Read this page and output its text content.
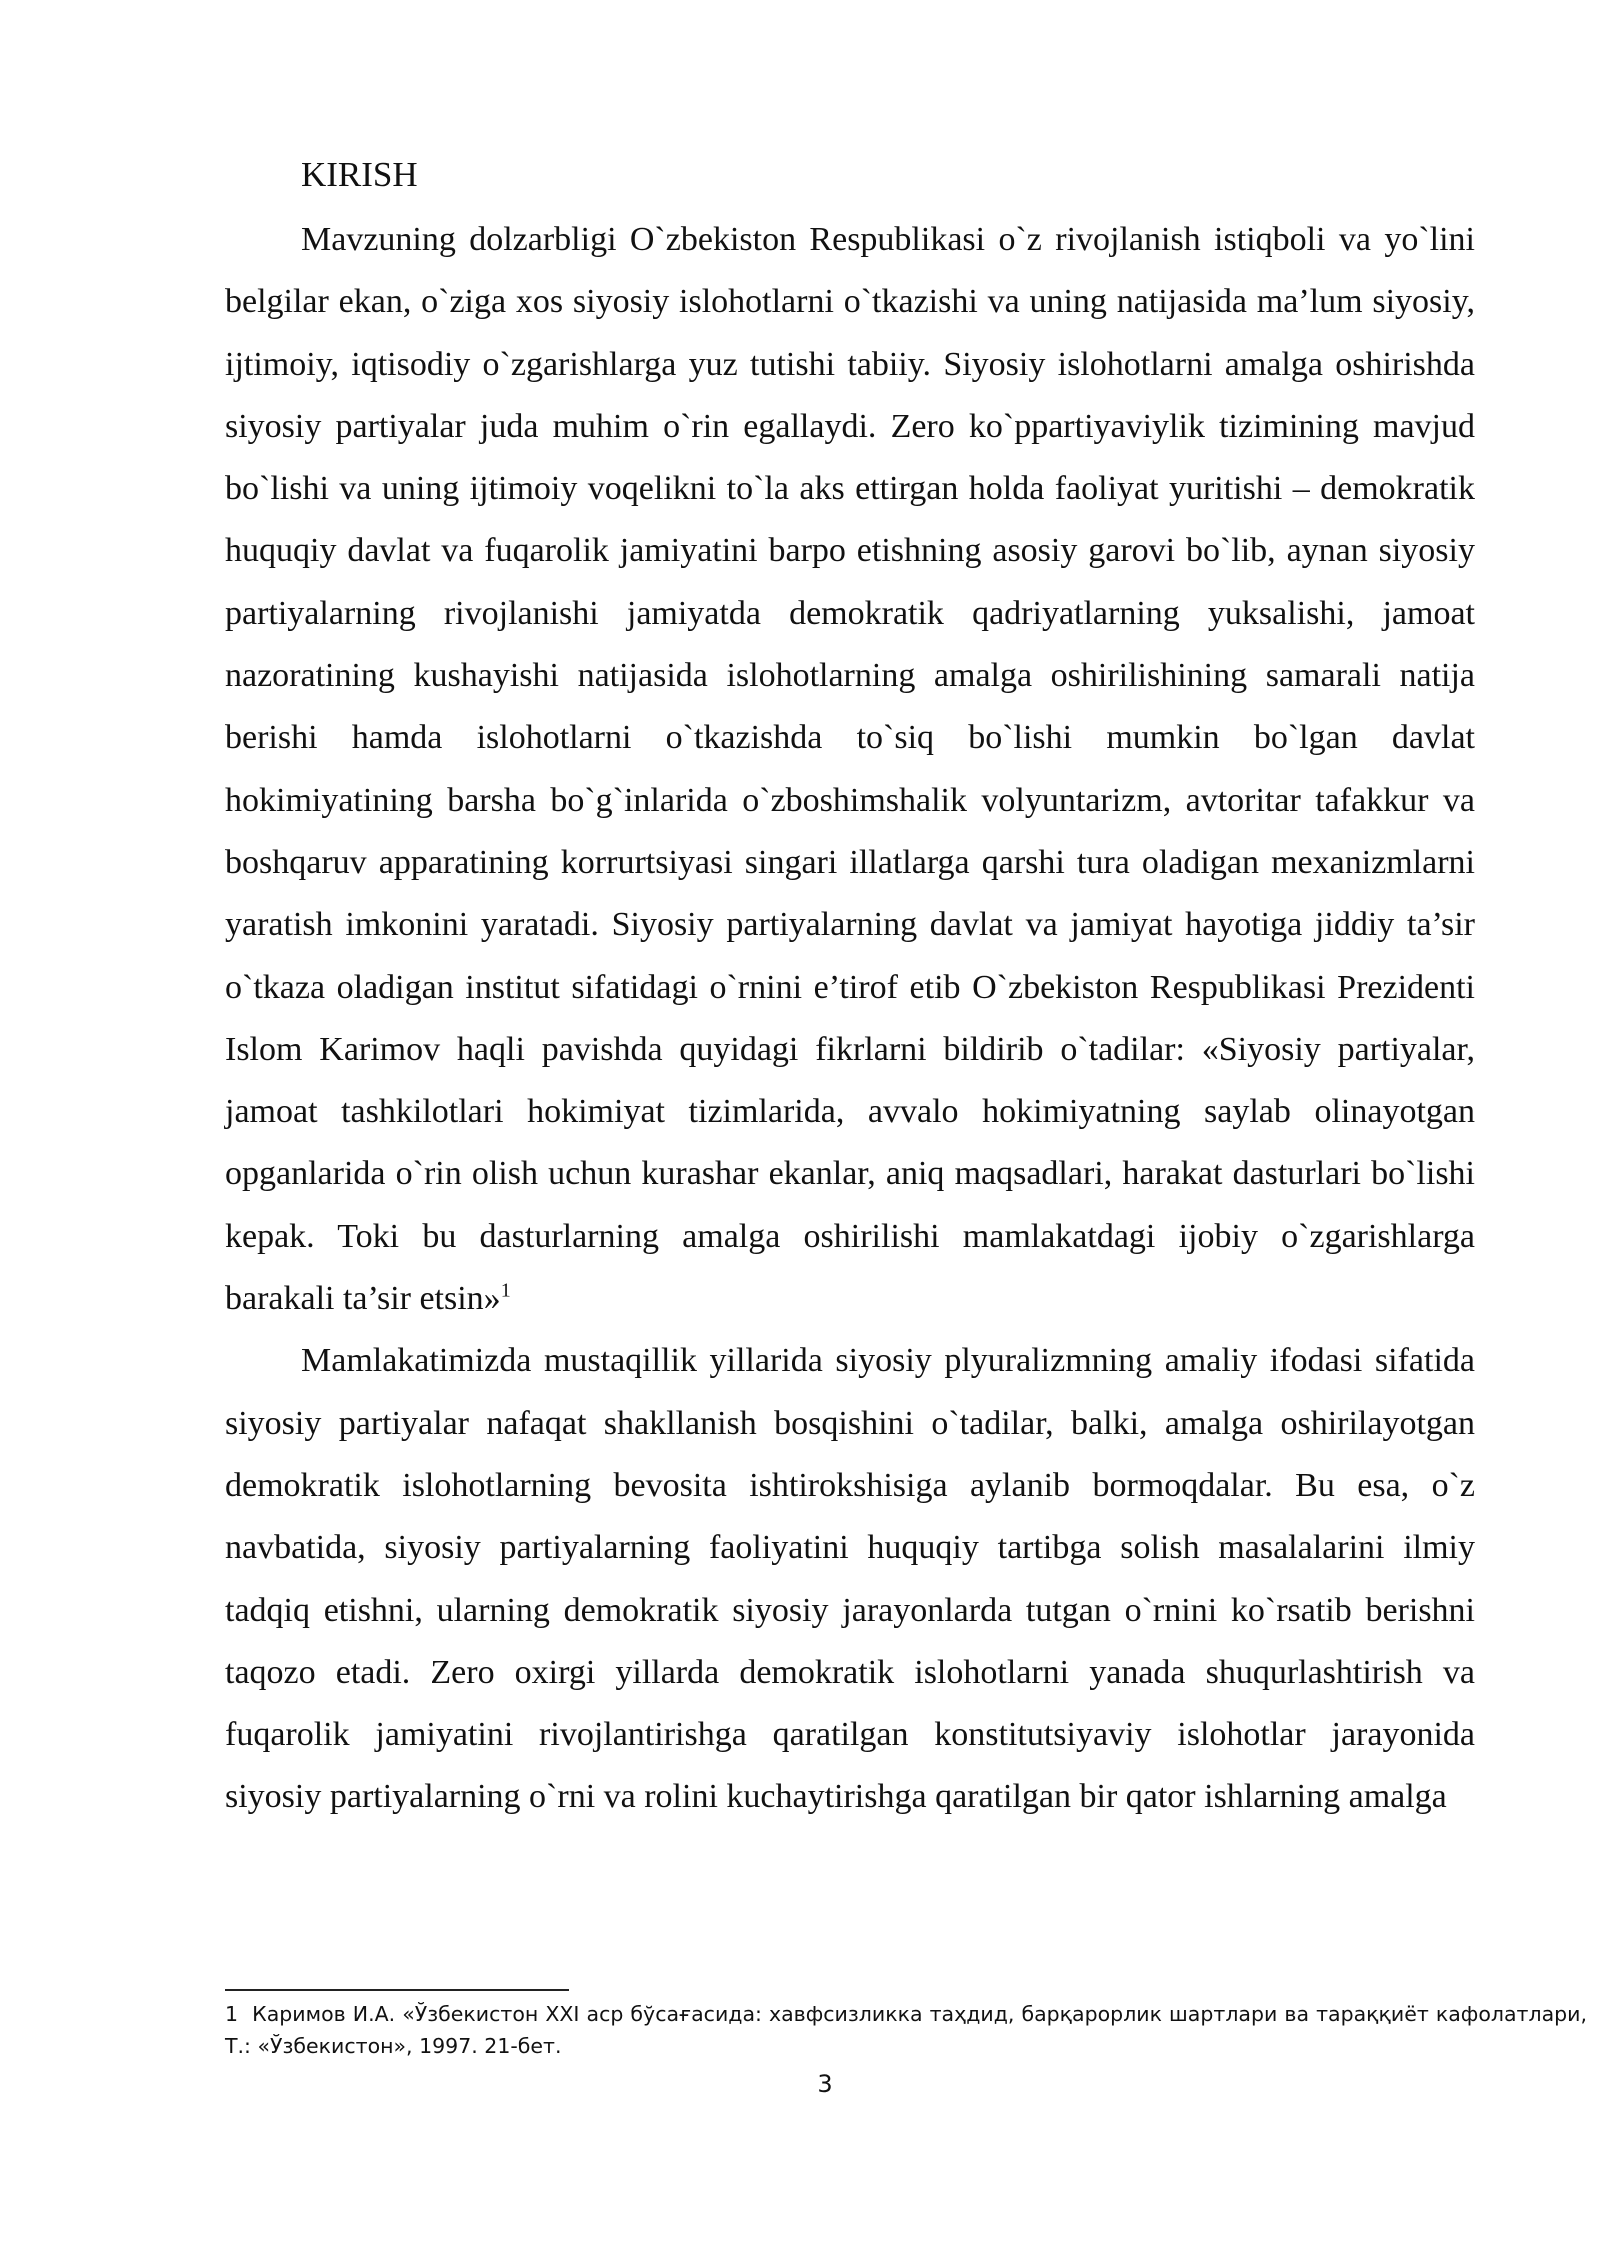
KIRISH

Mavzuning dolzarbligi O`zbekiston Respublikasi o`z rivojlanish istiqboli va yo`lini belgilar ekan, o`ziga xos siyosiy islohotlarni o`tkazishi va uning natijasida ma’lum siyosiy, ijtimoiy, iqtisodiy o`zgarishlarga yuz tutishi tabiiy. Siyosiy islohotlarni amalga oshirishda siyosiy partiyalar juda muhim o`rin egallaydi. Zero ko`ppartiyaviylik tizimining mavjud bo`lishi va uning ijtimoiy voqelikni to`la aks ettirgan holda faoliyat yuritishi – demokratik huquqiy davlat va fuqarolik jamiyatini barpo etishning asosiy garovi bo`lib, aynan siyosiy partiyalarning rivojlanishi jamiyatda demokratik qadriyatlarning yuksalishi, jamoat nazoratining kushayishi natijasida islohotlarning amalga oshirilishining samarali natija berishi hamda islohotlarni o`tkazishda to`siq bo`lishi mumkin bo`lgan davlat hokimiyatining barsha bo`g`inlarida o`zboshimshalik volyuntarizm, avtoritar tafakkur va boshqaruv apparatining korrurtsiyasi singari illatlarga qarshi tura oladigan mexanizmlarni yaratish imkonini yaratadi. Siyosiy partiyalarning davlat va jamiyat hayotiga jiddiy ta’sir o`tkaza oladigan institut sifatidagi o`rnini e’tirof etib O`zbekiston Respublikasi Prezidenti Islom Karimov haqli pavishda quyidagi fikrlarni bildirib o`tadilar: «Siyosiy partiyalar, jamoat tashkilotlari hokimiyat tizimlarida, avvalo hokimiyatning saylab olinayotgan opganlarida o`rin olish uchun kurashar ekanlar, aniq maqsadlari, harakat dasturlari bo`lishi kepak. Toki bu dasturlarning amalga oshirilishi mamlakatdagi ijobiy o`zgarishlarga barakali ta’sir etsin»$^1$

Mamlakatimizda mustaqillik yillarida siyosiy plyuralizmning amaliy ifodasi sifatida siyosiy partiyalar nafaqat shakllanish bosqishini o`tadilar, balki, amalga oshirilayotgan demokratik islohotlarning bevosita ishtirokshisiga aylanib bormoqdalar. Bu esa, o`z navbatida, siyosiy partiyalarning faoliyatini huquqiy tartibga solish masalalarini ilmiy tadqiq etishni, ularning demokratik siyosiy jarayonlarda tutgan o`rnini ko`rsatib berishni taqozo etadi. Zero oxirgi yillarda demokratik islohotlarni yanada shuqurlashtirish va fuqarolik jamiyatini rivojlantirishga qaratilgan konstitutsiyaviy islohotlar jarayonida siyosiy partiyalarning o`rni va rolini kuchaytirishga qaratilgan bir qator ishlarning amalga

1 Каримов И.А. «Ўзбекистон XXI аср бўсағасида: хавфсизликка таҳдид, барқарорлик шартлари ва тараққиёт кафолатлари, Т.: «Ўзбекистон», 1997. 21-бет.

3
